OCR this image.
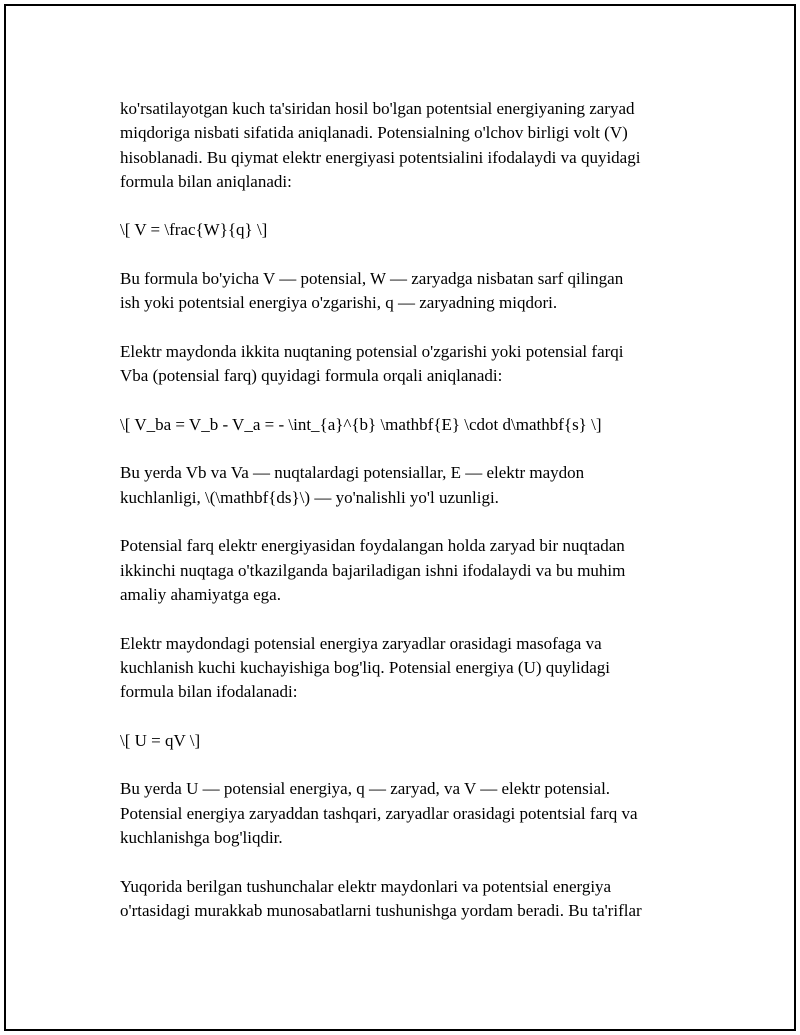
ko'rsatilayotgan kuch ta'siridan hosil bo'lgan potentsial energiyaning zaryad
miqdoriga nisbati sifatida aniqlanadi. Potensialning o'lchov birligi volt (V)
hisoblanadi. Bu qiymat elektr energiyasi potentsialini ifodalaydi va quyidagi
formula bilan aniqlanadi:

\[ V = \frac{W}{q} \]

Bu formula bo'yicha V — potensial, W — zaryadga nisbatan sarf qilingan
ish yoki potentsial energiya o'zgarishi, q — zaryadning miqdori.

Elektr maydonda ikkita nuqtaning potensial o'zgarishi yoki potensial farqi
Vba (potensial farq) quyidagi formula orqali aniqlanadi:

\[ V_ba = V_b - V_a = - \int_{a}^{b} \mathbf{E} \cdot d\mathbf{s} \]

Bu yerda Vb va Va — nuqtalardagi potensiallar, E — elektr maydon
kuchlanligi, \(\mathbf{ds}\) — yo'nalishli yo'l uzunligi.

Potensial farq elektr energiyasidan foydalangan holda zaryad bir nuqtadan
ikkinchi nuqtaga o'tkazilganda bajariladigan ishni ifodalaydi va bu muhim
amaliy ahamiyatga ega.

Elektr maydondagi potensial energiya zaryadlar orasidagi masofaga va
kuchlanish kuchi kuchayishiga bog'liq. Potensial energiya (U) quylidagi
formula bilan ifodalanadi:

\[ U = qV \]

Bu yerda U — potensial energiya, q — zaryad, va V — elektr potensial.
Potensial energiya zaryaddan tashqari, zaryadlar orasidagi potentsial farq va
kuchlanishga bog'liqdir.

Yuqorida berilgan tushunchalar elektr maydonlari va potentsial energiya
o'rtasidagi murakkab munosabatlarni tushunishga yordam beradi. Bu ta'riflar
